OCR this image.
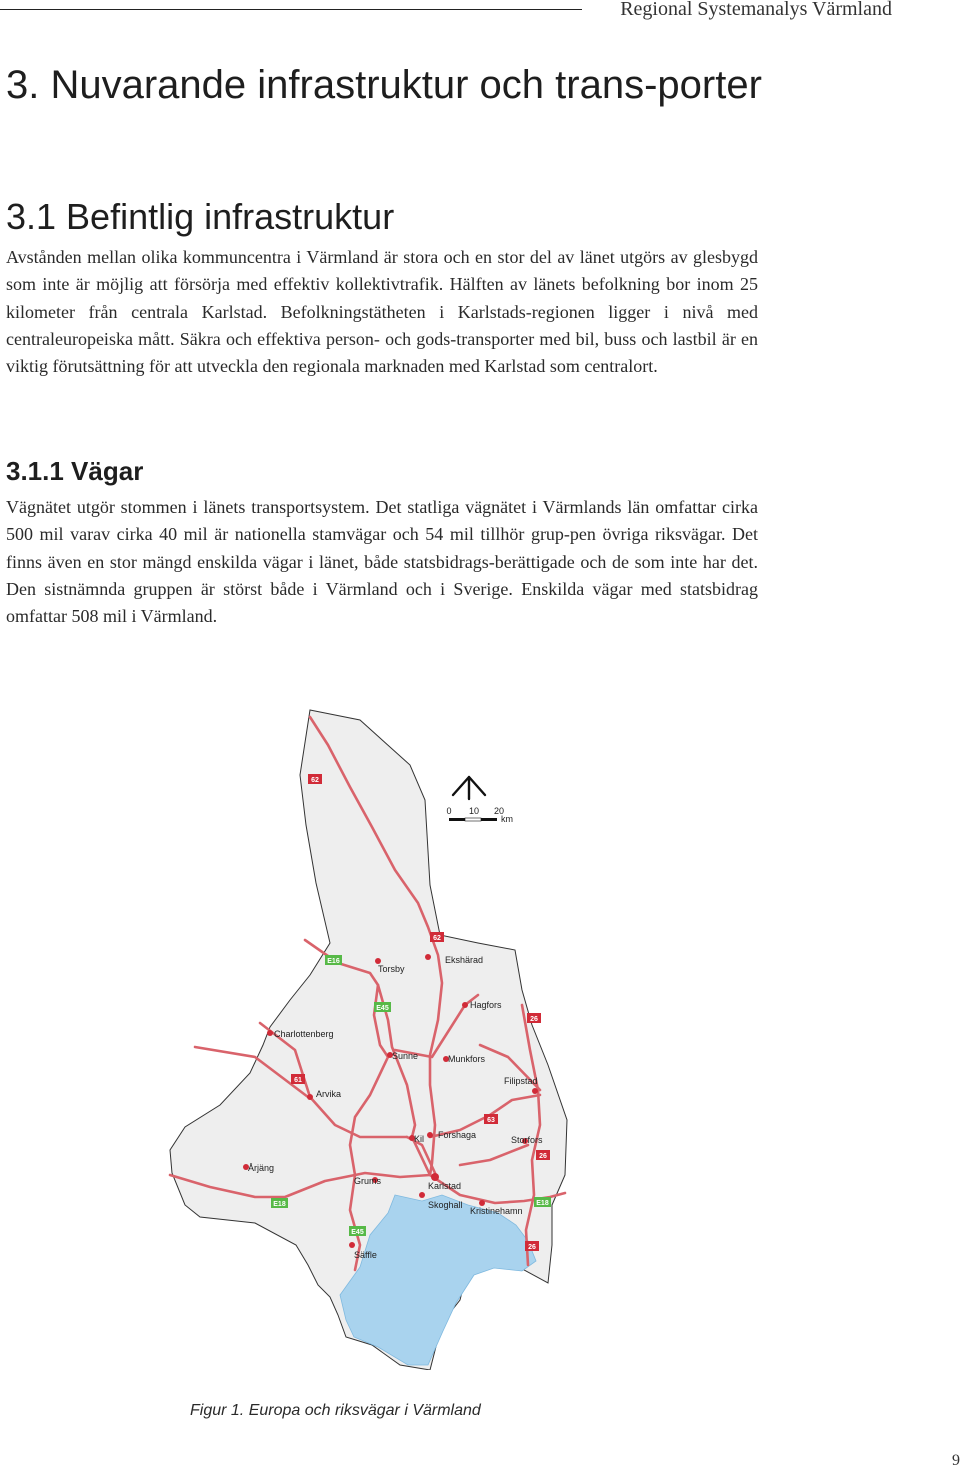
Regional Systemanalys Värmland
3. Nuvarande infrastruktur och trans-porter
3.1 Befintlig infrastruktur

Avstånden mellan olika kommuncentra i Värmland är stora och en stor del av länet utgörs av glesbygd som inte är möjlig att försörja med effektiv kollektivtrafik. Hälften av länets befolkning bor inom 25 kilometer från centrala Karlstad. Befolkningstätheten i Karlstads-regionen ligger i nivå med centraleuropeiska mått. Säkra och effektiva person- och gods-transporter med bil, buss och lastbil är en viktig förutsättning för att utveckla den regionala marknaden med Karlstad som centralort.

3.1.1 Vägar

Vägnätet utgör stommen i länets transportsystem. Det statliga vägnätet i Värmlands län omfattar cirka 500 mil varav cirka 40 mil är nationella stamvägar och 54 mil tillhör grup-pen övriga riksvägar. Det finns även en stor mängd enskilda vägar i länet, både statsbidrags-berättigade och de som inte har det. Den sistnämnda gruppen är störst både i Värmland och i Sverige. Enskilda vägar med statsbidrag omfattar 508 mil i Värmland.

Torsby
Ekshärad
Hagfors
Charlottenberg
Sunne	Munkfors
Filipstad
Arvika
Kil Forshaga	Storfors
Årjäng
Grums	Karlstad
Skoghall
Kristinehamn
Säffle
62
62
E16
E45
26
61
63
26
E18
E45
E18
26
0 10 20
km
Figur 1. Europa och riksvägar i Värmland
9
